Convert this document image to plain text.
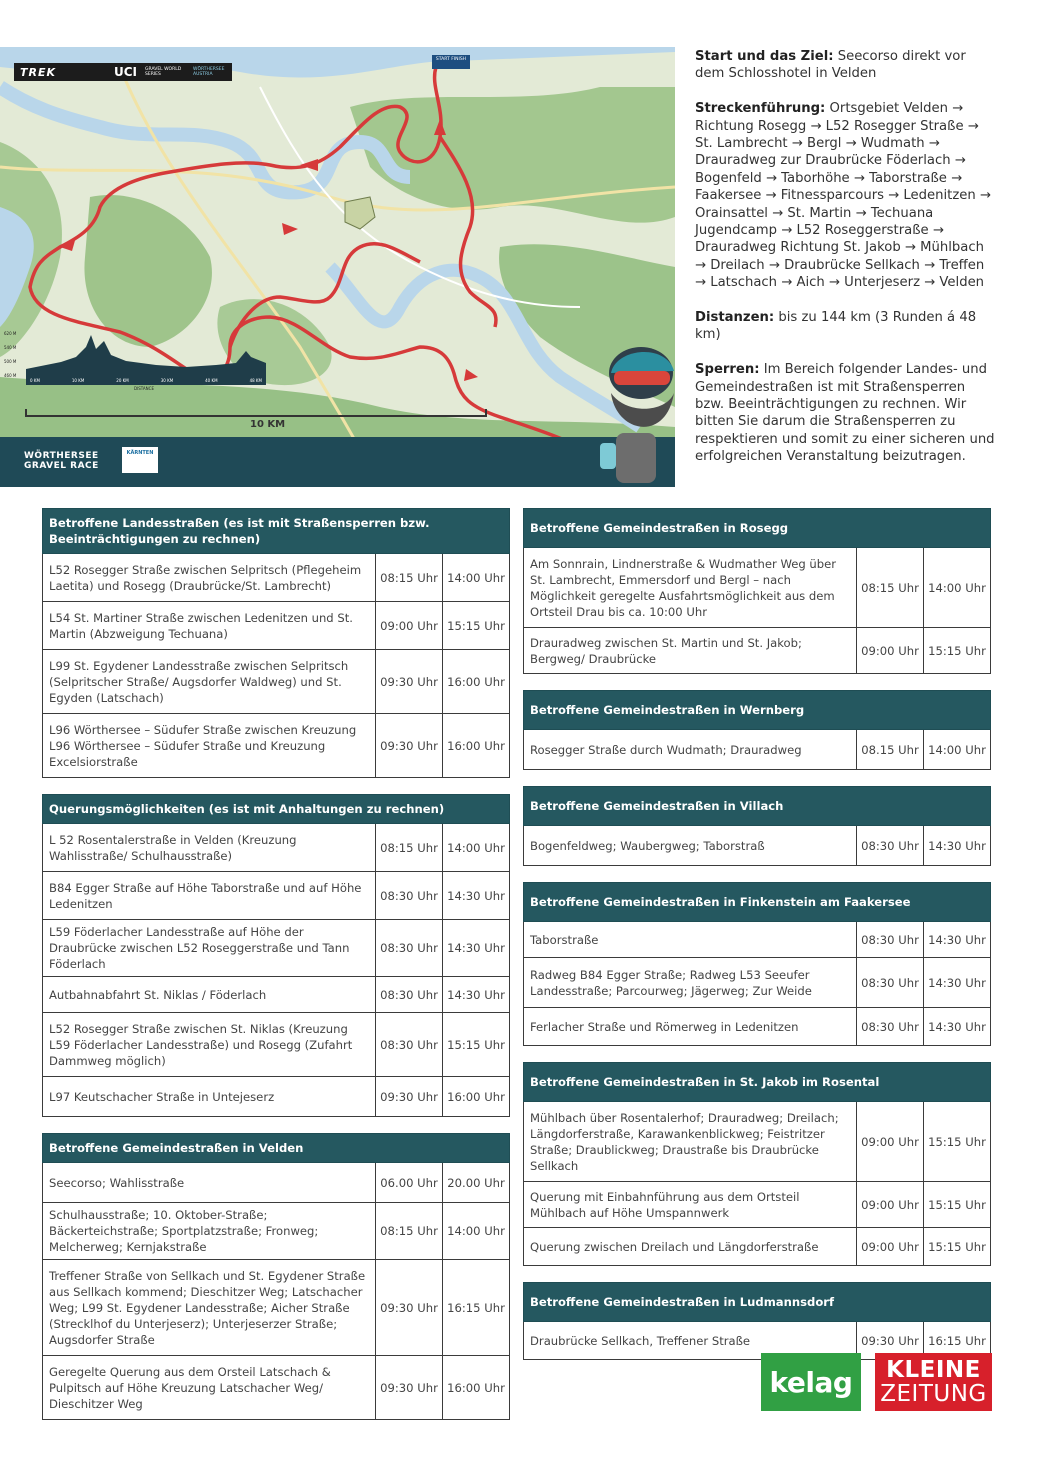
TREK	UCI GRAVEL WORLD SERIES
WÖRTHERSEE AUSTRIA
START FINISH
620 M
540 M
500 M
460 M
0 KM	10 KM	20 KM	30 KM	40 KM	48 KM
DISTANCE
10 KM
WÖRTHERSEE
GRAVEL RACE
KÄRNTEN

Start und das Ziel: Seecorso direkt vor dem Schlosshotel in Velden

Streckenführung: Ortsgebiet Velden → Richtung Rosegg → L52 Rosegger Straße → St. Lambrecht → Bergl → Wudmath → Drauradweg zur Draubrücke Föderlach → Bogenfeld → Taborhöhe → Taborstraße → Faakersee → Fitnessparcours → Ledenitzen → Orainsattel → St. Martin → Techuana Jugendcamp → L52 Roseggerstraße → Drauradweg Richtung St. Jakob → Mühlbach → Dreilach → Draubrücke Sellkach → Treffen → Latschach → Aich → Unterjeserz → Velden

Distanzen: bis zu 144 km (3 Runden á 48 km)

Sperren: Im Bereich folgender Landes- und Gemeindestraßen ist mit Straßensperren bzw. Beeinträchtigungen zu rechnen. Wir bitten Sie darum die Straßensperren zu respektieren und somit zu einer sicheren und erfolgreichen Veranstaltung beizutragen.

Betroffene Landesstraßen (es ist mit Straßensperren bzw. Beeinträchtigungen zu rechnen)		
L52 Rosegger Straße zwischen Selpritsch (Pflegeheim Laetita) und Rosegg (Draubrücke/St. Lambrecht)	08:15 Uhr	14:00 Uhr
L54 St. Martiner Straße zwischen Ledenitzen und St. Martin (Abzweigung Techuana)	09:00 Uhr	15:15 Uhr
L99 St. Egydener Landesstraße zwischen Selpritsch (Selpritscher Straße/ Augsdorfer Waldweg) und St. Egyden (Latschach)	09:30 Uhr	16:00 Uhr
L96 Wörthersee – Südufer Straße zwischen Kreuzung L96 Wörthersee – Südufer Straße und Kreuzung Excelsiorstraße	09:30 Uhr	16:00 Uhr
Querungsmöglichkeiten (es ist mit Anhaltungen zu rechnen)		
L 52 Rosentalerstraße in Velden (Kreuzung Wahlisstraße/ Schulhausstraße)	08:15 Uhr	14:00 Uhr
B84 Egger Straße auf Höhe Taborstraße und auf Höhe Ledenitzen	08:30 Uhr	14:30 Uhr
L59 Föderlacher Landesstraße auf Höhe der Draubrücke zwischen L52 Roseggerstraße und Tann Föderlach	08:30 Uhr	14:30 Uhr
Autbahnabfahrt St. Niklas / Föderlach	08:30 Uhr	14:30 Uhr
L52 Rosegger Straße zwischen St. Niklas (Kreuzung L59 Föderlacher Landesstraße) und Rosegg (Zufahrt Dammweg möglich)	08:30 Uhr	15:15 Uhr
L97 Keutschacher Straße in Untejeserz	09:30 Uhr	16:00 Uhr
Betroffene Gemeindestraßen in Velden		
Seecorso; Wahlisstraße	06.00 Uhr	20.00 Uhr
Schulhausstraße; 10. Oktober-Straße; Bäckerteichstraße; Sportplatzstraße; Fronweg; Melcherweg; Kernjakstraße	08:15 Uhr	14:00 Uhr
Treffener Straße von Sellkach und St. Egydener Straße aus Sellkach kommend; Dieschitzer Weg; Latschacher Weg; L99 St. Egydener Landesstraße; Aicher Straße (Strecklhof du Unterjeserz); Unterjeserzer Straße; Augsdorfer Straße	09:30 Uhr	16:15 Uhr
Geregelte Querung aus dem Orsteil Latschach & Pulpitsch auf Höhe Kreuzung Latschacher Weg/ Dieschitzer Weg	09:30 Uhr	16:00 Uhr
Betroffene Gemeindestraßen in Rosegg		
Am Sonnrain, Lindnerstraße & Wudmather Weg über St. Lambrecht, Emmersdorf und Bergl – nach Möglichkeit geregelte Ausfahrtsmöglichkeit aus dem Ortsteil Drau bis ca. 10:00 Uhr	08:15 Uhr	14:00 Uhr
Drauradweg zwischen St. Martin und St. Jakob; Bergweg/ Draubrücke	09:00 Uhr	15:15 Uhr
Betroffene Gemeindestraßen in Wernberg
Rosegger Straße durch Wudmath; Drauradweg	08.15 Uhr	14:00 Uhr
Betroffene Gemeindestraßen in Villach
Bogenfeldweg; Waubergweg; Taborstraß	08:30 Uhr	14:30 Uhr
Betroffene Gemeindestraßen in Finkenstein am Faakersee		
Taborstraße	08:30 Uhr	14:30 Uhr
Radweg B84 Egger Straße; Radweg L53 Seeufer Landesstraße; Parcourweg; Jägerweg; Zur Weide	08:30 Uhr	14:30 Uhr
Ferlacher Straße und Römerweg in Ledenitzen	08:30 Uhr	14:30 Uhr
Betroffene Gemeindestraßen in St. Jakob im Rosental		
Mühlbach über Rosentalerhof; Drauradweg; Dreilach; Längdorferstraße, Karawankenblickweg; Feistritzer Straße; Draublickweg; Draustraße bis Draubrücke Sellkach	09:00 Uhr	15:15 Uhr
Querung mit Einbahnführung aus dem Ortsteil Mühlbach auf Höhe Umspannwerk	09:00 Uhr	15:15 Uhr
Querung zwischen Dreilach und Längdorferstraße	09:00 Uhr	15:15 Uhr
Betroffene Gemeindestraßen in Ludmannsdorf
Draubrücke Sellkach, Treffener Straße	09:30 Uhr	16:15 Uhr
kelag KLEINE
ZEITUNG
